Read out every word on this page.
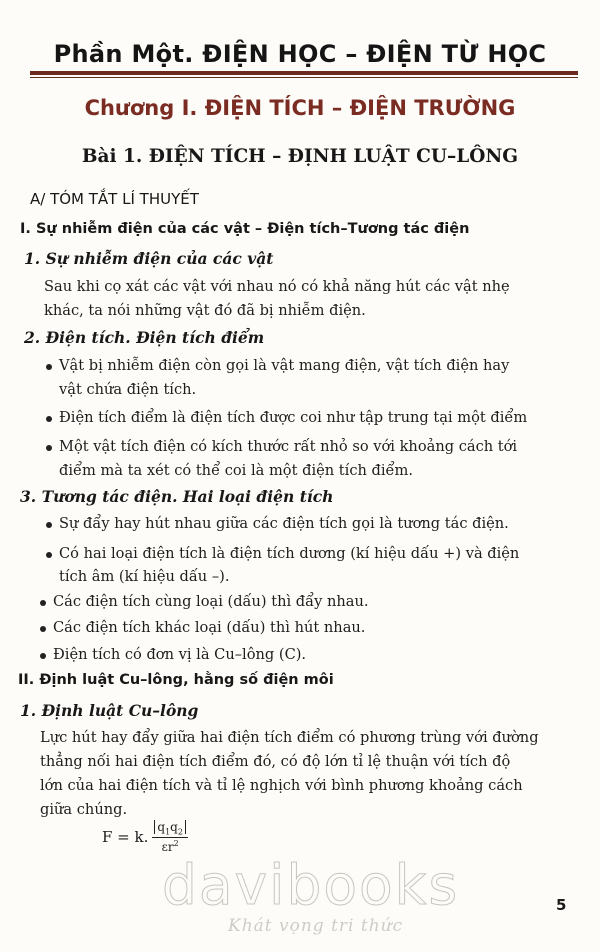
Phần Một. ĐIỆN HỌC – ĐIỆN TỪ HỌC
Chương I. ĐIỆN TÍCH – ĐIỆN TRƯỜNG
Bài 1. ĐIỆN TÍCH – ĐỊNH LUẬT CU–LÔNG
A/ TÓM TẮT LÍ THUYẾT
I. Sự nhiễm điện của các vật – Điện tích–Tương tác điện
1. Sự nhiễm điện của các vật
Sau khi cọ xát các vật với nhau nó có khả năng hút các vật nhẹ
khác, ta nói những vật đó đã bị nhiễm điện.
2. Điện tích. Điện tích điểm
Vật bị nhiễm điện còn gọi là vật mang điện, vật tích điện hay
vật chứa điện tích.
Điện tích điểm là điện tích được coi như tập trung tại một điểm
Một vật tích điện có kích thước rất nhỏ so với khoảng cách tới
điểm mà ta xét có thể coi là một điện tích điểm.
3. Tương tác điện. Hai loại điện tích
Sự đẩy hay hút nhau giữa các điện tích gọi là tương tác điện.
Có hai loại điện tích là điện tích dương (kí hiệu dấu +) và điện
tích âm (kí hiệu dấu –).
Các điện tích cùng loại (dấu) thì đẩy nhau.
Các điện tích khác loại (dấu) thì hút nhau.
Điện tích có đơn vị là Cu–lông (C).
II. Định luật Cu–lông, hằng số điện môi
1. Định luật Cu–lông
Lực hút hay đẩy giữa hai điện tích điểm có phương trùng với đường
thẳng nối hai điện tích điểm đó, có độ lớn tỉ lệ thuận với tích độ
lớn của hai điện tích và tỉ lệ nghịch với bình phương khoảng cách
giữa chúng.
F = k. $\frac{q_1q_2}{\varepsilon r^2}$
davibooks
Khát vọng tri thức
5
